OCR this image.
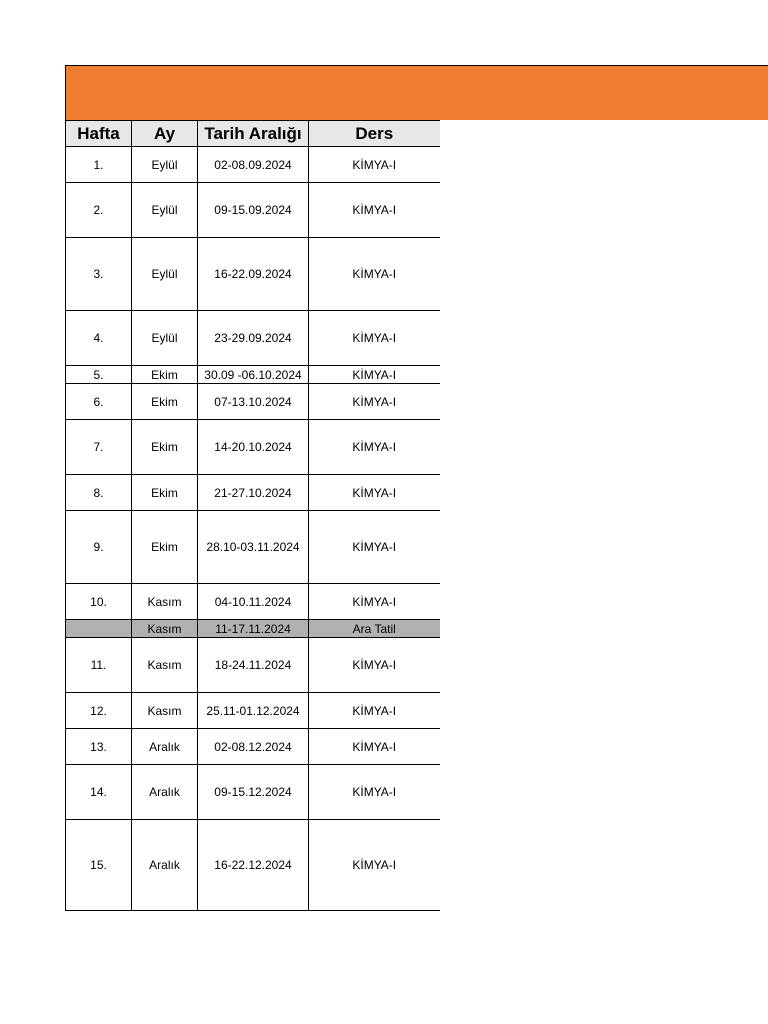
Hafta	Ay	Tarih Aralığı	Ders
1.	Eylül	02-08.09.2024	KİMYA-I
2.	Eylül	09-15.09.2024	KİMYA-I
3.	Eylül	16-22.09.2024	KİMYA-I
4.	Eylül	23-29.09.2024	KİMYA-I
5.	Ekim	30.09 -06.10.2024	KİMYA-I
6.	Ekim	07-13.10.2024	KİMYA-I
7.	Ekim	14-20.10.2024	KİMYA-I
8.	Ekim	21-27.10.2024	KİMYA-I
9.	Ekim	28.10-03.11.2024	KİMYA-I
10.	Kasım	04-10.11.2024	KİMYA-I
	Kasım	11-17.11.2024	Ara Tatil
11.	Kasım	18-24.11.2024	KİMYA-I
12.	Kasım	25.11-01.12.2024	KİMYA-I
13.	Aralık	02-08.12.2024	KİMYA-I
14.	Aralık	09-15.12.2024	KİMYA-I
15.	Aralık	16-22.12.2024	KİMYA-I
